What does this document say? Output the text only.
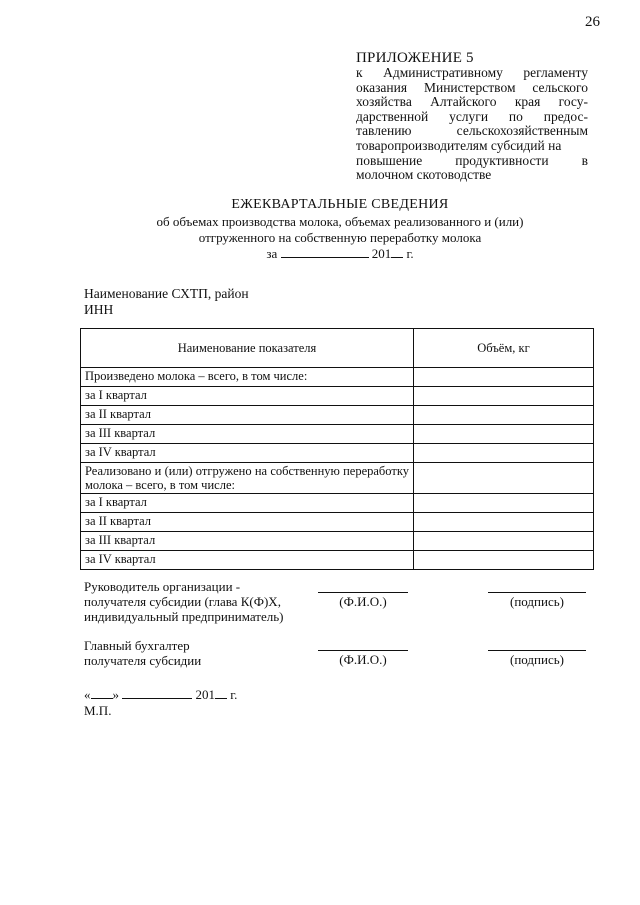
26
ПРИЛОЖЕНИЕ 5
к Административному регламенту
оказания Министерством сельского
хозяйства Алтайского края госу-
дарственной услуги по предос-
тавлению	сельскохозяйственным
товаропроизводителям субсидий на
повышение продуктивности в
молочном скотоводстве
ЕЖЕКВАРТАЛЬНЫЕ СВЕДЕНИЯ
об объемах производства молока, объемах реализованного и (или)
отгруженного на собственную переработку молока
за	201 г.
Наименование СХТП, район
ИНН
Наименование показателя	Объём, кг
Произведено молока – всего, в том числе:	
за I квартал	
за II квартал	
за III квартал	
за IV квартал	
Реализовано и (или) отгружено на собственную переработку молока – всего, в том числе:	
за I квартал	
за II квартал	
за III квартал	
за IV квартал	
Руководитель организации -
получателя субсидии (глава К(Ф)Х,
индивидуальный предприниматель)
(Ф.И.О.)	(подпись)
Главный бухгалтер
получателя субсидии	(Ф.И.О.)	(подпись)
« »	201 г.
М.П.
